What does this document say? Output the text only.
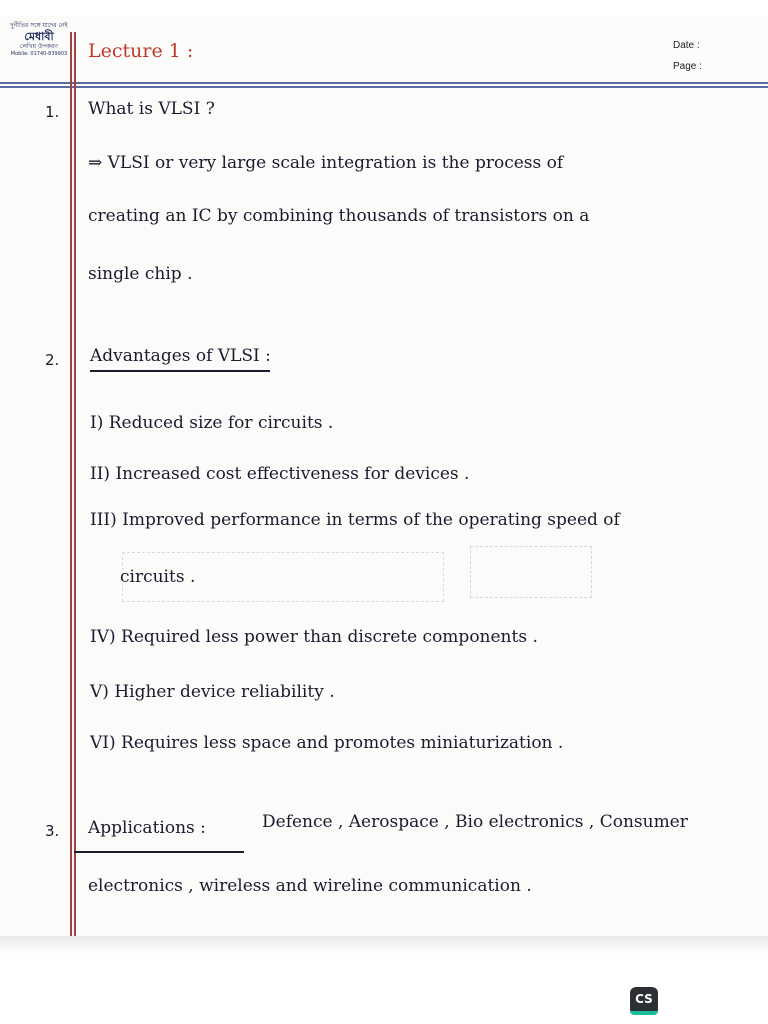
দুর্নীতির সঙ্গে যাদের নেই
মেধাবী
লেখিয় উপকরণ
Mobile: 01740-839903 Lecture 1 :	Date :
Page :
1. What is VLSI ?
⇒ VLSI or very large scale integration is the process of
creating an IC by combining thousands of transistors on a
single chip .
2. Advantages of VLSI :
I) Reduced size for circuits .
II) Increased cost effectiveness for devices .
III) Improved performance in terms of the operating speed of
circuits .
IV) Required less power than discrete components .
V) Higher device reliability .
VI) Requires less space and promotes miniaturization .
3. Applications :	Defence , Aerospace , Bio electronics , Consumer
electronics , wireless and wireline communication .
CS
